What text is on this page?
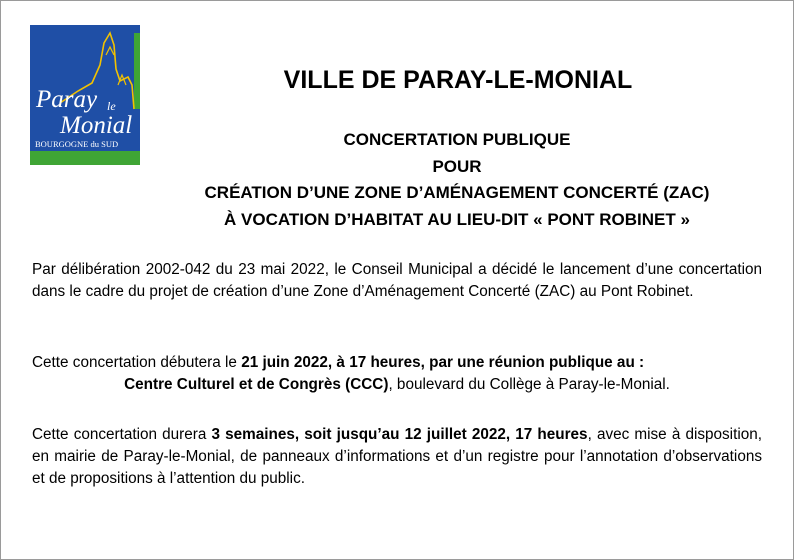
Paray le
Monial
BOURGOGNE du SUD
VILLE DE PARAY-LE-MONIAL
CONCERTATION PUBLIQUE
POUR
CRÉATION D’UNE ZONE D’AMÉNAGEMENT CONCERTÉ (ZAC)
À VOCATION D’HABITAT AU LIEU-DIT « PONT ROBINET »
Par délibération 2002-042 du 23 mai 2022, le Conseil Municipal a décidé le lancement d’une concertation dans le cadre du projet de création d’une Zone d’Aménagement Concerté (ZAC) au Pont Robinet.
Cette concertation débutera le 21 juin 2022, à 17 heures, par une réunion publique au :
Centre Culturel et de Congrès (CCC), boulevard du Collège à Paray-le-Monial.
Cette concertation durera 3 semaines, soit jusqu’au 12 juillet 2022, 17 heures, avec mise à disposition, en mairie de Paray-le-Monial, de panneaux d’informations et d’un registre pour l’annotation d’observations et de propositions à l’attention du public.
